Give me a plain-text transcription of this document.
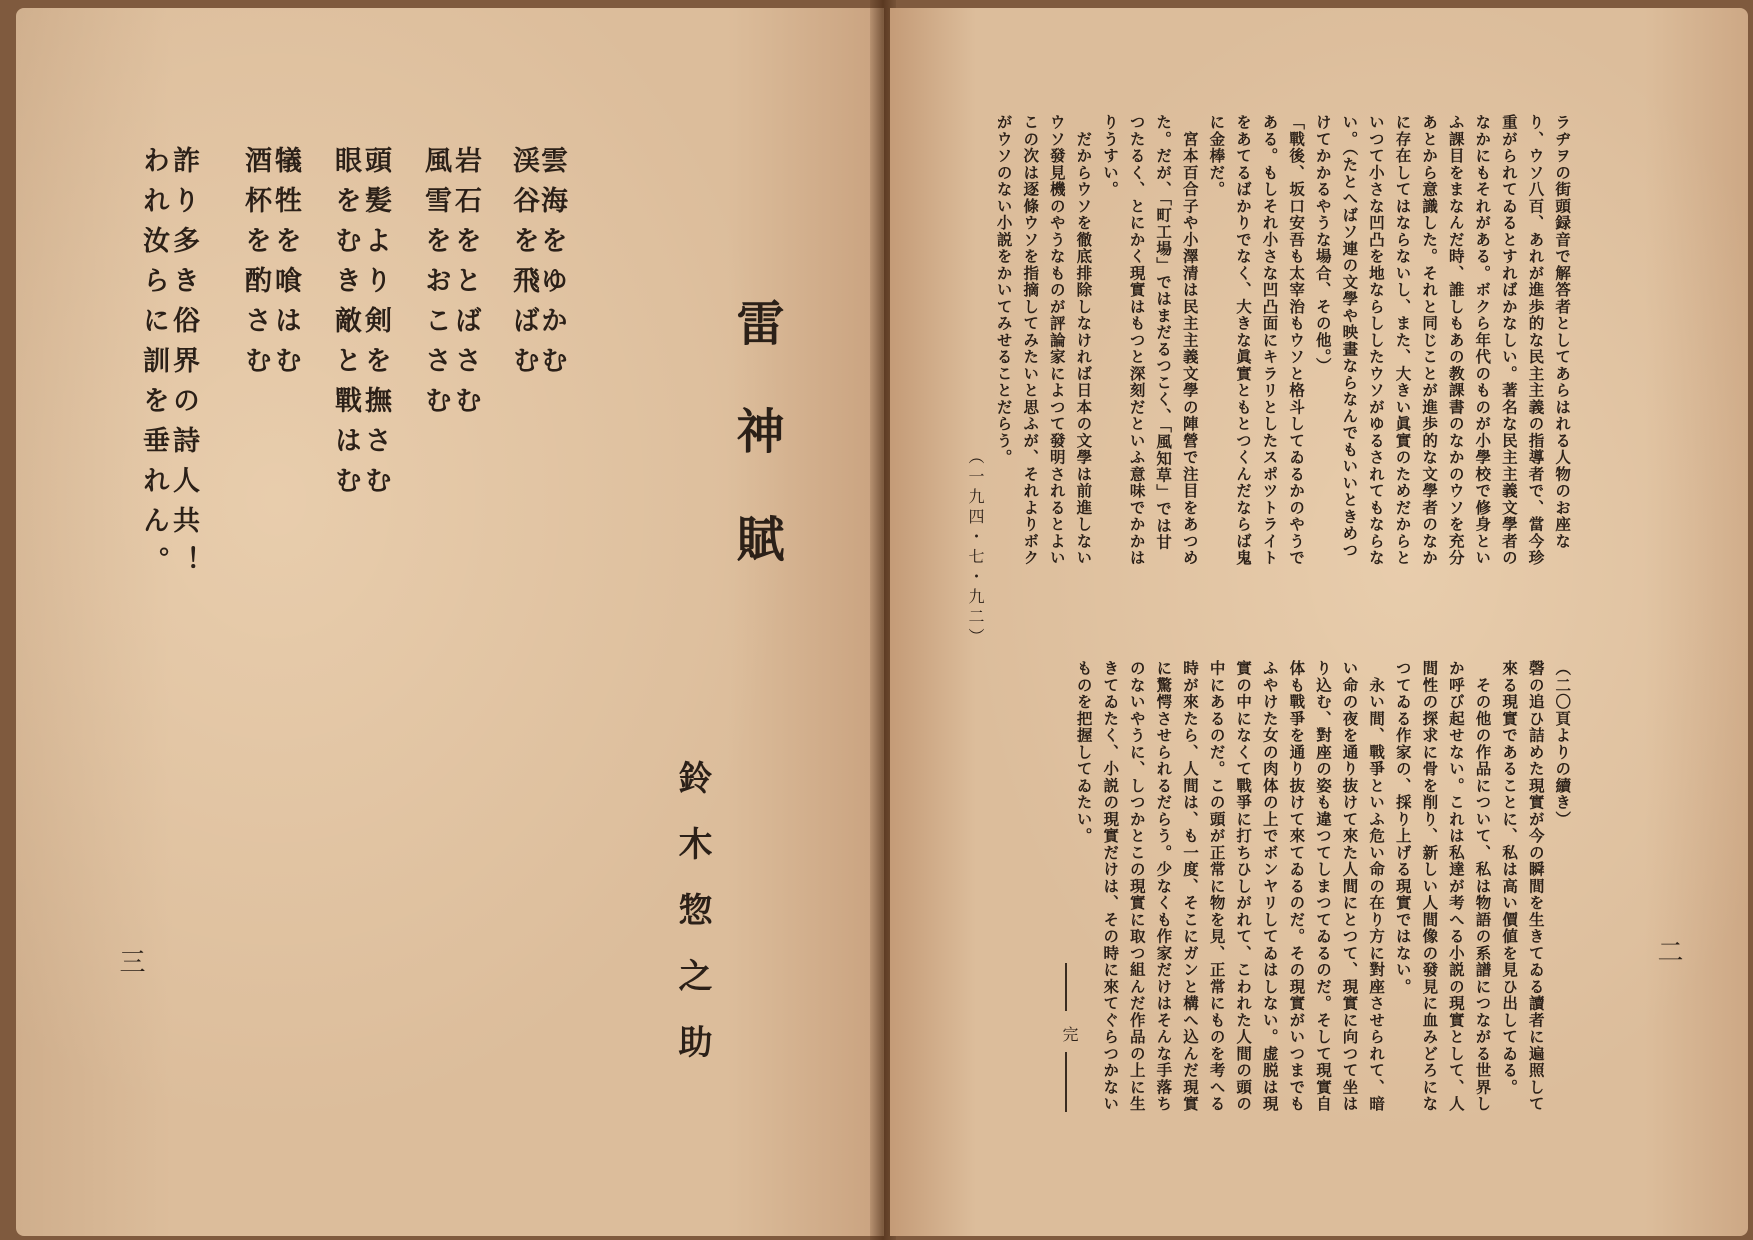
雲海をゆかむ
渓谷を飛ばむ
岩石をとばさむ
風雪をおこさむ
頭髪より剣を撫さむ
眼をむき敵と戰はむ
犠牲を喰はむ
酒杯を酌さむ
詐り多き俗界の詩人共！
われ汝らに訓を垂れん。	雷神賦
鈴木惣之助
三
ラヂヲの街頭録音で解答者としてあらはれる人物のお座な
り、ウソ八百、あれが進歩的な民主主義の指導者で、當今珍
重がられてゐるとすればかなしい。著名な民主主義文學者の
なかにもそれがある。ボクら年代のものが小學校で修身とい
ふ課目をまなんだ時、誰しもあの教課書のなかのウソを充分
あとから意識した。それと同じことが進歩的な文學者のなか
に存在してはならないし、また、大きい眞實のためだからと
いつて小さな凹凸を地ならししたウソがゆるされてもならな
い。（たとへばソ連の文學や映畫ならなんでもいいときめつ
けてかかるやうな場合、その他。）
「戰後、坂口安吾も太宰治もウソと格斗してゐるかのやうで
ある。もしそれ小さな凹凸面にキラリとしたスポツトライト
をあてるばかりでなく、大きな眞實ともとつくんだならば鬼
に金棒だ。
　宮本百合子や小澤清は民主主義文學の陣營で注目をあつめ
た。だが、「町工場」ではまだるつこく、「風知草」では甘
つたるく、とにかく現實はもつと深刻だといふ意味でかかは
りうすい。
　だからウソを徹底排除しなければ日本の文學は前進しない
ウソ發見機のやうなものが評論家によつて發明されるとよい
この次は逐條ウソを指摘してみたいと思ふが、それよりボク
がウソのない小説をかいてみせることだらう。
（一九四・七・九二）
（二〇頁よりの續き）
磬の追ひ詰めた現實が今の瞬間を生きてゐる讀者に遍照して
來る現實であることに、私は高い價値を見ひ出してゐる。
　その他の作品について、私は物語の系譜につながる世界し
か呼び起せない。これは私達が考へる小説の現實として、人
間性の探求に骨を削り、新しい人間像の發見に血みどろにな
つてゐる作家の、採り上げる現實ではない。
　永い間、戰爭といふ危い命の在り方に對座させられて、暗
い命の夜を通り抜けて來た人間にとつて、現實に向つて坐は
り込む、對座の姿も違つてしまつてゐるのだ。そして現實自
体も戰爭を通り抜けて來てゐるのだ。その現實がいつまでも
ふやけた女の肉体の上でボンヤリしてゐはしない。虚脱は現
實の中になくて戰爭に打ちひしがれて、こわれた人間の頭の
中にあるのだ。この頭が正常に物を見、正常にものを考へる
時が來たら、人間は、も一度、そこにガンと構へ込んだ現實
に驚愕させられるだらう。少なくも作家だけはそんな手落ち
のないやうに、しつかとこの現實に取つ組んだ作品の上に生
きてゐたく、小説の現實だけは、その時に來てぐらつかない
ものを把握してゐたい。
完
二
